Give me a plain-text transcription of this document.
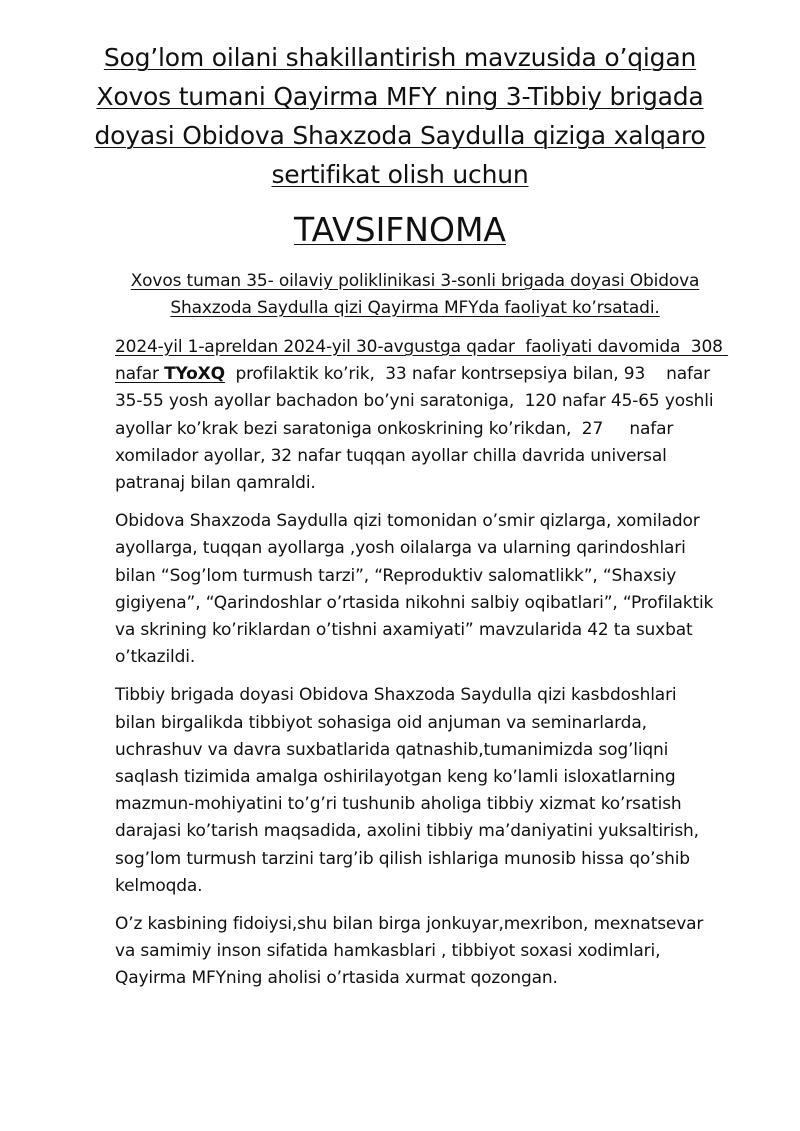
Sog’lom oilani shakillantirish mavzusida o’qigan
Xovos tumani Qayirma MFY ning 3-Tibbiy brigada
doyasi Obidova Shaxzoda Saydulla qiziga xalqaro
sertifikat olish uchun
TAVSIFNOMA

Xovos tuman 35- oilaviy poliklinikasi 3-sonli brigada doyasi Obidova
Shaxzoda Saydulla qizi Qayirma MFYda faoliyat ko’rsatadi.

2024-yil 1-apreldan 2024-yil 30-avgustga qadar  faoliyati davomida  308 nafar TYoXQ  profilaktik ko’rik,  33 nafar kontrsepsiya bilan, 93    nafar
35-55 yosh ayollar bachadon bo’yni saratoniga,  120 nafar 45-65 yoshli
ayollar ko’krak bezi saratoniga onkoskrining ko’rikdan,  27     nafar
xomilador ayollar, 32 nafar tuqqan ayollar chilla davrida universal
patranaj bilan qamraldi.

Obidova Shaxzoda Saydulla qizi tomonidan o’smir qizlarga, xomilador
ayollarga, tuqqan ayollarga ,yosh oilalarga va ularning qarindoshlari
bilan “Sog’lom turmush tarzi”, “Reproduktiv salomatlikk”, “Shaxsiy
gigiyena”, “Qarindoshlar o’rtasida nikohni salbiy oqibatlari”, “Profilaktik
va skrining ko’riklardan o’tishni axamiyati” mavzularida 42 ta suxbat
o’tkazildi.

Tibbiy brigada doyasi Obidova Shaxzoda Saydulla qizi kasbdoshlari
bilan birgalikda tibbiyot sohasiga oid anjuman va seminarlarda,
uchrashuv va davra suxbatlarida qatnashib,tumanimizda sog’liqni
saqlash tizimida amalga oshirilayotgan keng ko’lamli isloxatlarning
mazmun-mohiyatini to’g’ri tushunib aholiga tibbiy xizmat ko’rsatish
darajasi ko’tarish maqsadida, axolini tibbiy ma’daniyatini yuksaltirish,
sog’lom turmush tarzini targ’ib qilish ishlariga munosib hissa qo’shib
kelmoqda.

O’z kasbining fidoiysi,shu bilan birga jonkuyar,mexribon, mexnatsevar
va samimiy inson sifatida hamkasblari , tibbiyot soxasi xodimlari,
Qayirma MFYning aholisi o’rtasida xurmat qozongan.
